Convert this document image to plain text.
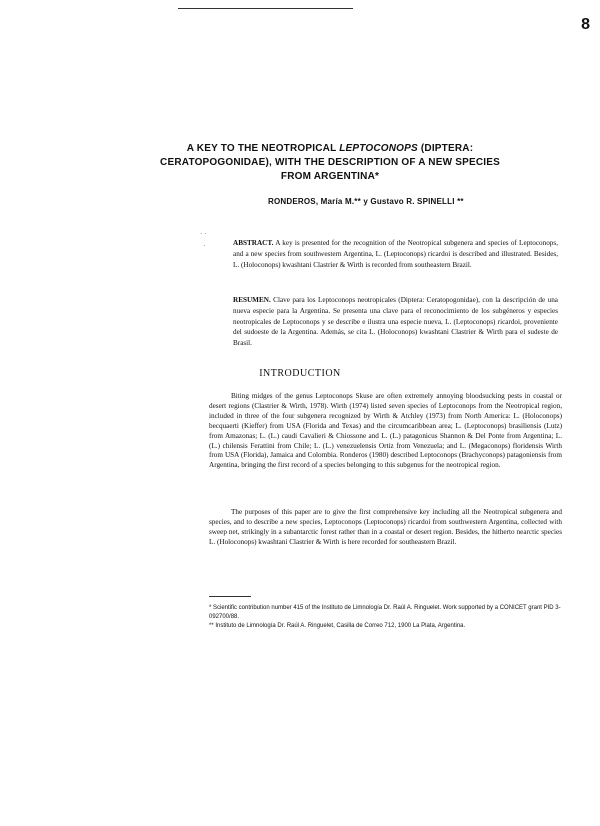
8
A KEY TO THE NEOTROPICAL LEPTOCONOPS (DIPTERA:
CERATOPOGONIDAE), WITH THE DESCRIPTION OF A NEW SPECIES
FROM ARGENTINA*
RONDEROS, María M.** y Gustavo R. SPINELLI **
· ·
·	ABSTRACT. A key is presented for the recognition of the Neotropical subgenera and species of Leptoconops, and a new species from southwestern Argentina, L. (Leptoconops) ricardoi is described and illustrated. Besides, L. (Holoconops) kwashtani Clastrier & Wirth is recorded from southeastern Brazil.
RESUMEN. Clave para los Leptoconops neotropicales (Diptera: Ceratopogonidae), con la descripción de una nueva especie para la Argentina. Se presenta una clave para el reconocimiento de los subgéneros y especies neotropicales de Leptoconops y se describe e ilustra una especie nueva, L. (Leptoconops) ricardoi, proveniente del sudoeste de la Argentina. Además, se cita L. (Holoconops) kwashtani Clastrier & Wirth para el sudeste de Brasil.
INTRODUCTION
Biting midges of the genus Leptoconops Skuse are often extremely annoying bloodsucking pests in coastal or desert regions (Clastrier & Wirth, 1978). Wirth (1974) listed seven species of Leptoconops from the Neotropical region, included in three of the four subgenera recognized by Wirth & Atchley (1973) from North America: L. (Holoconops) becquaerti (Kieffer) from USA (Florida and Texas) and the circumcaribbean area; L. (Leptoconops) brasiliensis (Lutz) from Amazonas; L. (L.) caudi Cavalieri & Chiossone and L. (L.) patagonicus Shannon & Del Ponte from Argentina; L. (L.) chilensis Ferattini from Chile; L. (L.) venezuelensis Ortiz from Venezuela; and L. (Megaconops) floridensis Wirth from USA (Florida), Jamaica and Colombia. Ronderos (1980) described Leptoconops (Brachyconops) patagoniensis from Argentina, bringing the first record of a species belonging to this subgenus for the neotropical region.
The purposes of this paper are to give the first comprehensive key including all the Neotropical subgenera and species, and to describe a new species, Leptoconops (Leptoconops) ricardoi from southwestern Argentina, collected with sweep net, strikingly in a subantarctic forest rather than in a coastal or desert region. Besides, the hitherto nearctic species L. (Holoconops) kwashtani Clastrier & Wirth is here recorded for southeastern Brazil.
* Scientific contribution number 415 of the Instituto de Limnología Dr. Raúl A. Ringuelet. Work supported by a CONICET grant PID 3-092700/88.
** Instituto de Limnología Dr. Raúl A. Ringuelet, Casilla de Correo 712, 1900 La Plata, Argentina.
